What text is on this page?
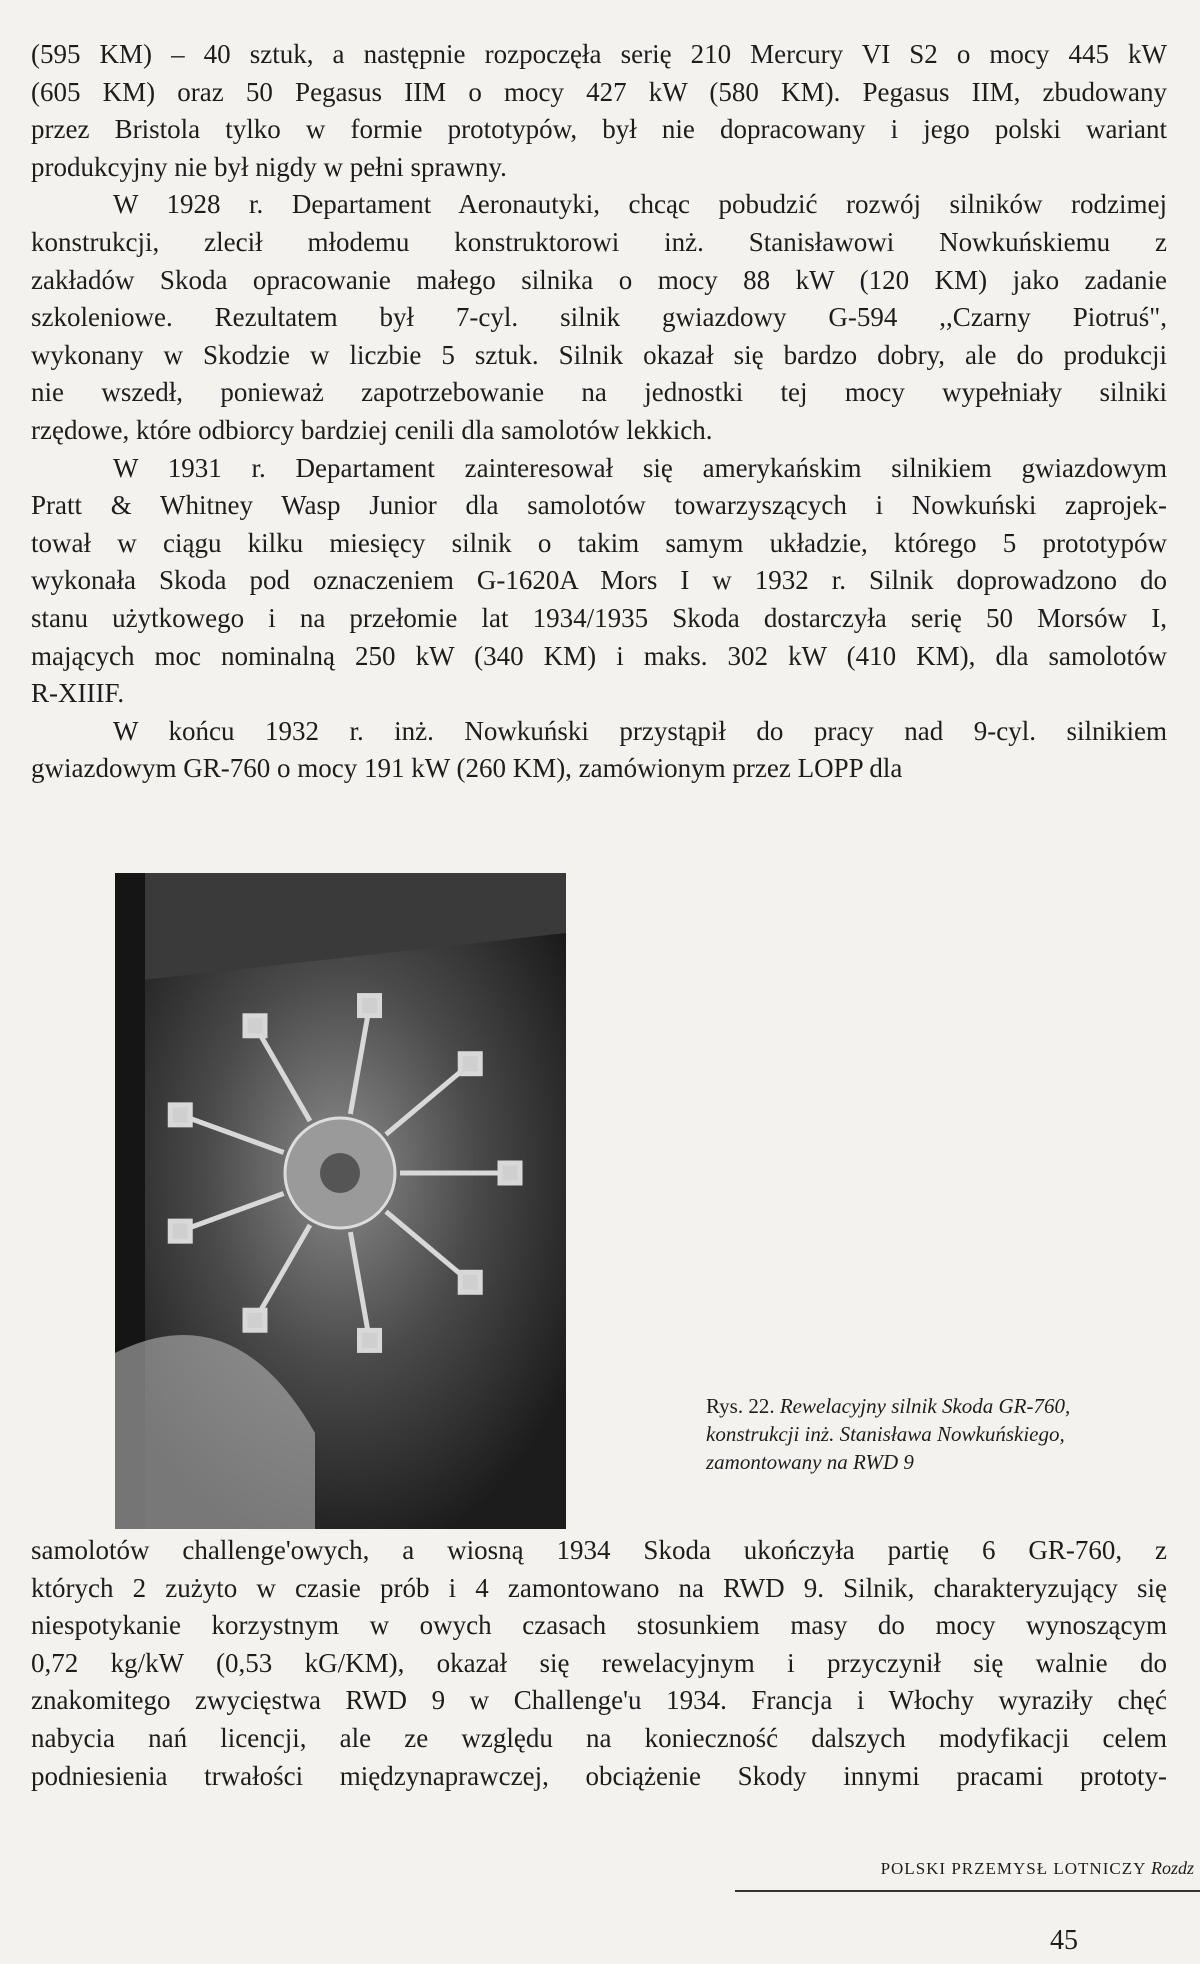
(595 KM) – 40 sztuk, a następnie rozpoczęła serię 210 Mercury VI S2 o mocy 445 kW
(605 KM) oraz 50 Pegasus IIM o mocy 427 kW (580 KM). Pegasus IIM, zbudowany
przez Bristola tylko w formie prototypów, był nie dopracowany i jego polski wariant
produkcyjny nie był nigdy w pełni sprawny.
W 1928 r. Departament Aeronautyki, chcąc pobudzić rozwój silników rodzimej
konstrukcji, zlecił młodemu konstruktorowi inż. Stanisławowi Nowkuńskiemu z
zakładów Skoda opracowanie małego silnika o mocy 88 kW (120 KM) jako zadanie
szkoleniowe. Rezultatem był 7-cyl. silnik gwiazdowy G-594 ,,Czarny Piotruś",
wykonany w Skodzie w liczbie 5 sztuk. Silnik okazał się bardzo dobry, ale do produkcji
nie wszedł, ponieważ zapotrzebowanie na jednostki tej mocy wypełniały silniki
rzędowe, które odbiorcy bardziej cenili dla samolotów lekkich.
W 1931 r. Departament zainteresował się amerykańskim silnikiem gwiazdowym
Pratt & Whitney Wasp Junior dla samolotów towarzyszących i Nowkuński zaprojek-
tował w ciągu kilku miesięcy silnik o takim samym układzie, którego 5 prototypów
wykonała Skoda pod oznaczeniem G-1620A Mors I w 1932 r. Silnik doprowadzono do
stanu użytkowego i na przełomie lat 1934/1935 Skoda dostarczyła serię 50 Morsów I,
mających moc nominalną 250 kW (340 KM) i maks. 302 kW (410 KM), dla samolotów
R-XIIIF.
W końcu 1932 r. inż. Nowkuński przystąpił do pracy nad 9-cyl. silnikiem
gwiazdowym GR-760 o mocy 191 kW (260 KM), zamówionym przez LOPP dla
Rys. 22. Rewelacyjny silnik Skoda GR-760,
konstrukcji inż. Stanisława Nowkuńskiego,
zamontowany na RWD 9
samolotów challenge'owych, a wiosną 1934 Skoda ukończyła partię 6 GR-760, z
których 2 zużyto w czasie prób i 4 zamontowano na RWD 9. Silnik, charakteryzujący się
niespotykanie korzystnym w owych czasach stosunkiem masy do mocy wynoszącym
0,72 kg/kW (0,53 kG/KM), okazał się rewelacyjnym i przyczynił się walnie do
znakomitego zwycięstwa RWD 9 w Challenge'u 1934. Francja i Włochy wyraziły chęć
nabycia nań licencji, ale ze względu na konieczność dalszych modyfikacji celem
podniesienia trwałości międzynaprawczej, obciążenie Skody innymi pracami prototy-
POLSKI PRZEMYSŁ LOTNICZY Rozdz
45
